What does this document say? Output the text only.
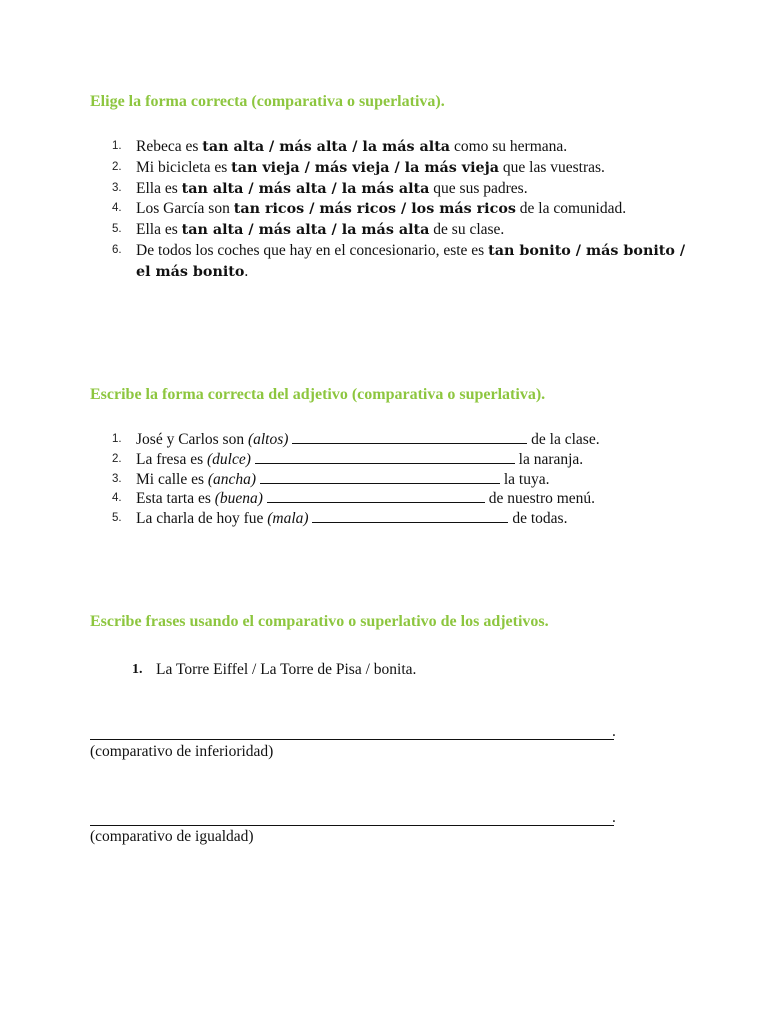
Elige la forma correcta (comparativa o superlativa).
1. Rebeca es tan alta / más alta / la más alta como su hermana.
2. Mi bicicleta es tan vieja / más vieja / la más vieja que las vuestras.
3. Ella es tan alta / más alta / la más alta que sus padres.
4. Los García son tan ricos / más ricos / los más ricos de la comunidad.
5. Ella es tan alta / más alta / la más alta de su clase.
6. De todos los coches que hay en el concesionario, este es tan bonito / más bonito / el más bonito.
Escribe la forma correcta del adjetivo (comparativa o superlativa).
1. José y Carlos son (altos)	de la clase.
2. La fresa es (dulce)	la naranja.
3. Mi calle es (ancha)	la tuya.
4. Esta tarta es (buena)	de nuestro menú.
5. La charla de hoy fue (mala)	de todas.
Escribe frases usando el comparativo o superlativo de los adjetivos.
1. La Torre Eiffel / La Torre de Pisa / bonita.
.

(comparativo de inferioridad)

.

(comparativo de igualdad)
